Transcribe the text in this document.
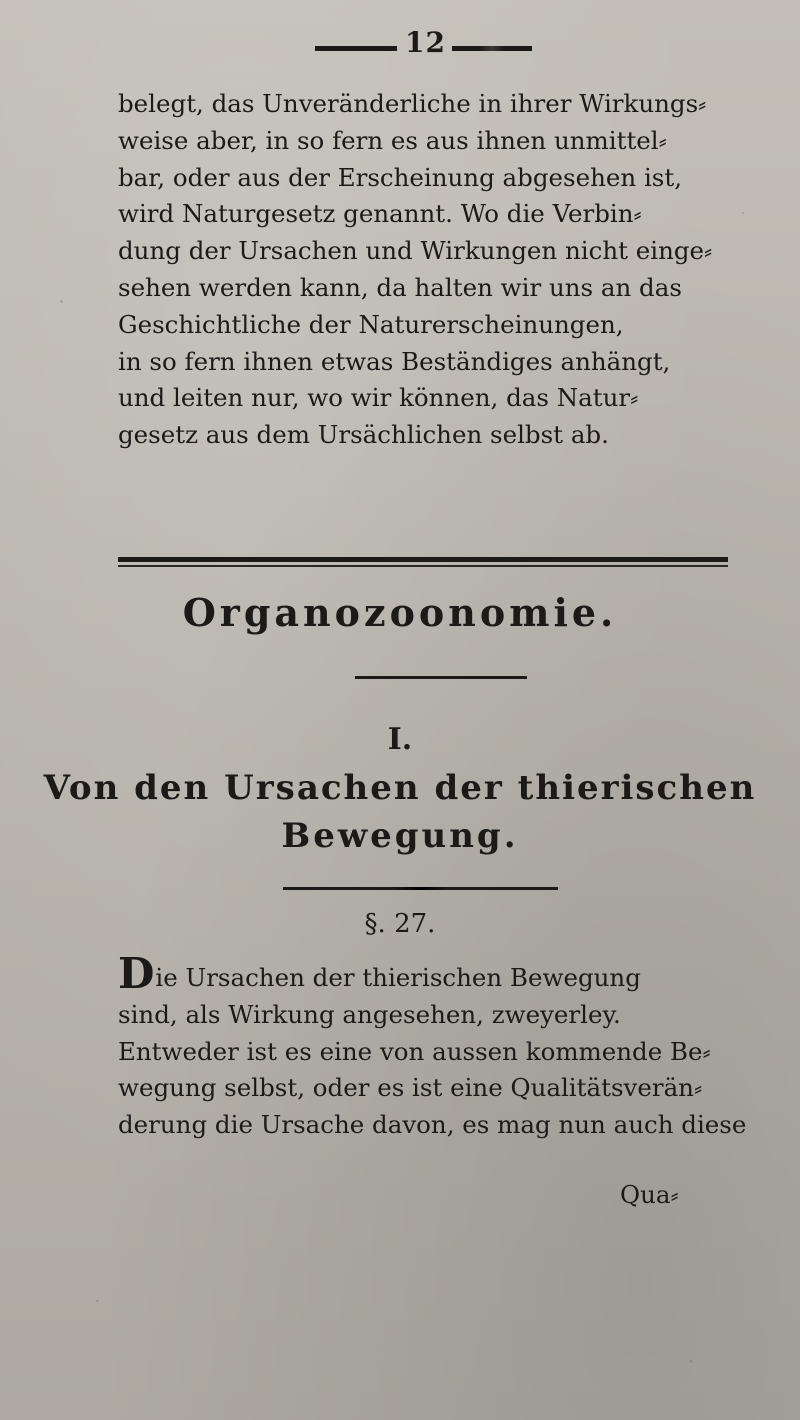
12

belegt, das Unveränderliche in ihrer Wirkungs⸗
weise aber, in so fern es aus ihnen unmittel⸗
bar, oder aus der Erscheinung abgesehen ist,
wird Naturgesetz genannt. Wo die Verbin⸗
dung der Ursachen und Wirkungen nicht einge⸗
sehen werden kann, da halten wir uns an das
Geschichtliche der Naturerscheinungen,
in so fern ihnen etwas Beständiges anhängt,
und leiten nur, wo wir können, das Natur⸗
gesetz aus dem Ursächlichen selbst ab.

Organozoonomie.
I.
Von den Ursachen der thierischen
Bewegung.
§. 27.

Die Ursachen der thierischen Bewegung
sind, als Wirkung angesehen, zweyerley.
Entweder ist es eine von aussen kommende Be⸗
wegung selbst, oder es ist eine Qualitätsverän⸗
derung die Ursache davon, es mag nun auch diese

Qua⸗
